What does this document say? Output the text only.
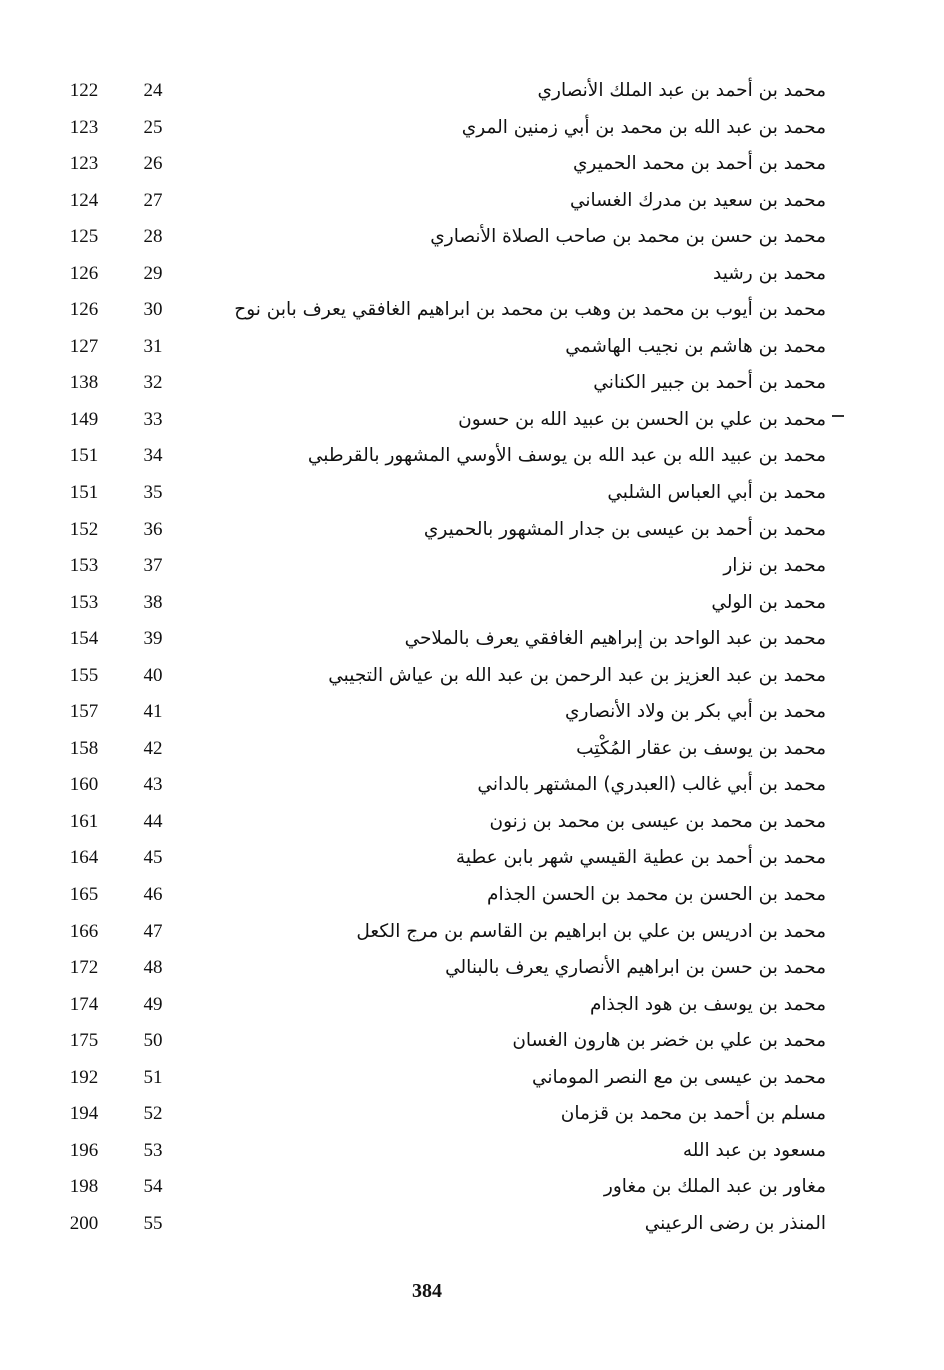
122	24	محمد بن أحمد بن عبد الملك الأنصاري
123	25	محمد بن عبد الله بن محمد بن أبي زمنين المري
123	26	محمد بن أحمد بن محمد الحميري
124	27	محمد بن سعيد بن مدرك الغساني
125	28	محمد بن حسن بن محمد بن صاحب الصلاة الأنصاري
126	29	محمد بن رشيد
126	30	محمد بن أيوب بن محمد بن وهب بن محمد بن ابراهيم الغافقي يعرف بابن نوح
127	31	محمد بن هاشم بن نجيب الهاشمي
138	32	محمد بن أحمد بن جبير الكناني
149	33	محمد بن علي بن الحسن بن عبيد الله بن حسون
151	34	محمد بن عبيد الله بن عبد الله بن يوسف الأوسي المشهور بالقرطبي
151	35	محمد بن أبي العباس الشلبي
152	36	محمد بن أحمد بن عيسى بن جدار المشهور بالحميري
153	37	محمد بن نزار
153	38	محمد بن الولي
154	39	محمد بن عبد الواحد بن إبراهيم الغافقي يعرف بالملاحي
155	40	محمد بن عبد العزيز بن عبد الرحمن بن عبد الله بن عياش التجيبي
157	41	محمد بن أبي بكر بن ولاد الأنصاري
158	42	محمد بن يوسف بن عقار المُكْتِب
160	43	محمد بن أبي غالب (العبدري) المشتهر بالداني
161	44	محمد بن محمد بن عيسى بن محمد بن زنون
164	45	محمد بن أحمد بن عطية القيسي شهر بابن عطية
165	46	محمد بن الحسن بن محمد بن الحسن الجذام
166	47	محمد بن ادريس بن علي بن ابراهيم بن القاسم بن مرج الكعل
172	48	محمد بن حسن بن ابراهيم الأنصاري يعرف بالبنالي
174	49	محمد بن يوسف بن هود الجذام
175	50	محمد بن علي بن خضر بن هارون الغسان
192	51	محمد بن عيسى بن مع النصر الموماني
194	52	مسلم بن أحمد بن محمد بن قزمان
196	53	مسعود بن عبد الله
198	54	مغاور بن عبد الملك بن مغاور
200	55	المنذر بن رضى الرعيني
384
